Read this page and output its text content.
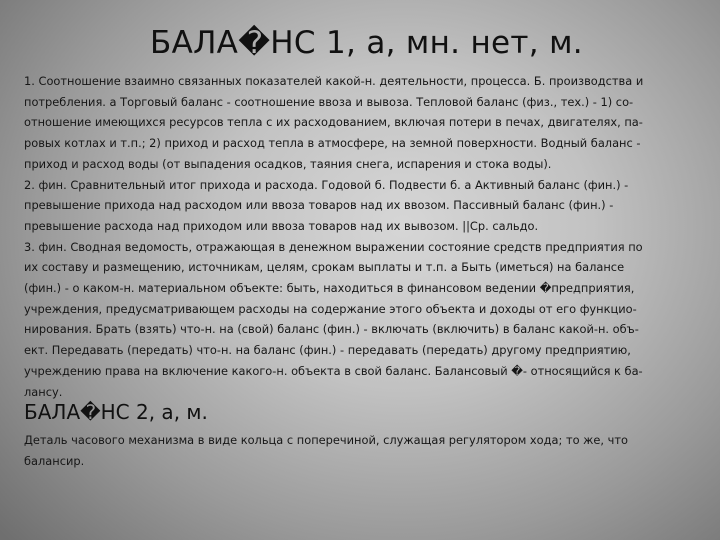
БАЛА�НС 1, а, мн. нет, м.
1. Соотношение взаимно связанных показателей какой-н. деятельности, процесса. Б. производства и
потребления. а Торговый баланс - соотношение ввоза и вывоза. Тепловой баланс (физ., тех.) - 1) со-
отношение имеющихся ресурсов тепла с их расходованием, включая потери в печах, двигателях, па-
ровых котлах и т.п.; 2) приход и расход тепла в атмосфере, на земной поверхности. Водный баланс -
приход и расход воды (от выпадения осадков, таяния снега, испарения и стока воды).
2. фин. Сравнительный итог прихода и расхода. Годовой б. Подвести б. а Активный баланс (фин.) -
превышение прихода над расходом или ввоза товаров над их ввозом. Пассивный баланс (фин.) -
превышение расхода над приходом или ввоза товаров над их вывозом. ||Ср. сальдо.
3. фин. Сводная ведомость, отражающая в денежном выражении состояние средств предприятия по
их составу и размещению, источникам, целям, срокам выплаты и т.п. а Быть (иметься) на балансе
(фин.) - о каком-н. материальном объекте: быть, находиться в финансовом ведении �предприятия,
учреждения, предусматривающем расходы на содержание этого объекта и доходы от его функцио-
нирования. Брать (взять) что-н. на (свой) баланс (фин.) - включать (включить) в баланс какой-н. объ-
ект. Передавать (передать) что-н. на баланс (фин.) - передавать (передать) другому предприятию,
учреждению права на включение какого-н. объекта в свой баланс. Балансовый �- относящийся к ба-
лансу.
БАЛА�НС 2, а, м.
Деталь часового механизма в виде кольца с поперечиной, служащая регулятором хода; то же, что
балансир.
